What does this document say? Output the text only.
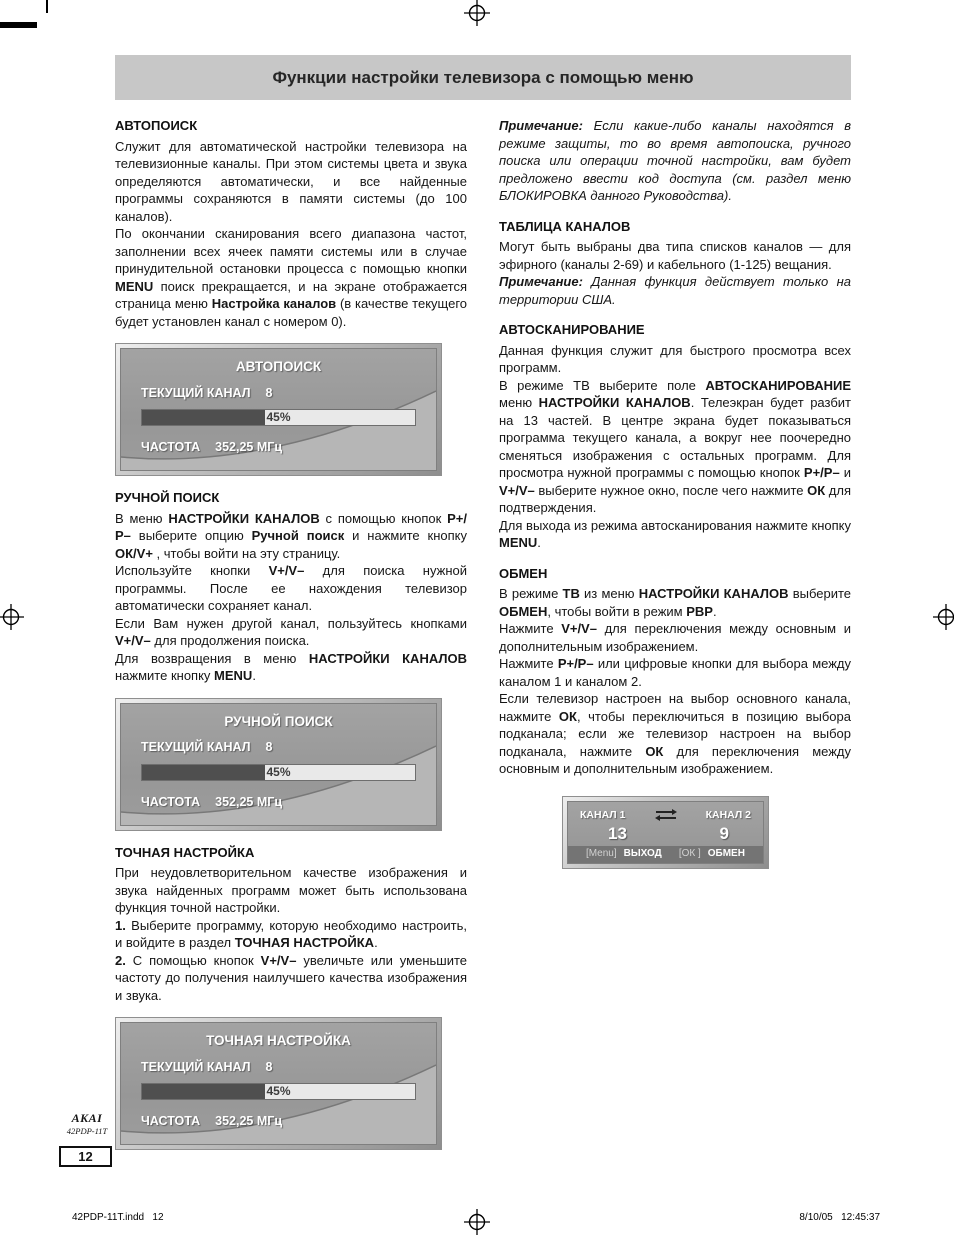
Функции настройки телевизора с помощью меню
АВТОПОИСК

Служит для автоматической настройки телевизора на телевизионные каналы. При этом системы цвета и звука определяются автоматически, и все найденные программы сохраняются в памяти системы (до 100 каналов).

По окончании сканирования всего диапазона частот, заполнении всех ячеек памяти системы или в случае принудительной остановки процесса с помощью кнопки MENU поиск прекращается, и на экране отображается страница меню Настройка каналов (в качестве текущего будет установлен канал с номером 0).

АВТОПОИСК
ТЕКУЩИЙ КАНАЛ 8
45%
ЧАСТОТА 352,25 МГц
РУЧНОЙ ПОИСК

В меню НАСТРОЙКИ КАНАЛОВ с помощью кнопок Р+/Р– выберите опцию Ручной поиск и нажмите кнопку ОК/V+ , чтобы войти на эту страницу.

Используйте кнопки V+/V– для поиска нужной программы. После ее нахождения телевизор автоматически сохраняет канал.

Если Вам нужен другой канал, пользуйтесь кнопками V+/V– для продолжения поиска.

Для возвращения в меню НАСТРОЙКИ КАНАЛОВ нажмите кнопку MENU.

РУЧНОЙ ПОИСК
ТЕКУЩИЙ КАНАЛ 8
45%
ЧАСТОТА 352,25 МГц
ТОЧНАЯ НАСТРОЙКА

При неудовлетворительном качестве изображения и звука найденных программ может быть использована функция точной настройки.

1. Выберите программу, которую необходимо настроить, и войдите в раздел ТОЧНАЯ НАСТРОЙКА.

2. С помощью кнопок V+/V– увеличьте или уменьшите частоту до получения наилучшего качества изображения и звука.

ТОЧНАЯ НАСТРОЙКА
ТЕКУЩИЙ КАНАЛ 8
45%
ЧАСТОТА 352,25 МГц

Примечание: Если какие-либо каналы находятся в режиме защиты, то во время автопоиска, ручного поиска или операции точной настройки, вам будет предложено ввести код доступа (см. раздел меню БЛОКИРОВКА данного Руководства).

ТАБЛИЦА КАНАЛОВ

Могут быть выбраны два типа списков каналов — для эфирного (каналы 2-69) и кабельного (1-125) вещания.

Примечание: Данная функция действует только на территории США.

АВТОСКАНИРОВАНИЕ

Данная функция служит для быстрого просмотра всех программ.

В режиме ТВ выберите поле АВТОСКАНИРОВАНИЕ меню НАСТРОЙКИ КАНАЛОВ. Телеэкран будет разбит на 13 частей. В центре экрана будет показываться программа текущего канала, а вокруг нее поочередно сменяться изображения с остальных программ. Для просмотра нужной программы с помощью кнопок Р+/Р– и V+/V– выберите нужное окно, после чего нажмите ОК для подтверждения.

Для выхода из режима автосканирования нажмите кнопку MENU.

ОБМЕН

В режиме ТВ из меню НАСТРОЙКИ КАНАЛОВ выберите ОБМЕН, чтобы войти в режим PBP.

Нажмите V+/V– для переключения между основным и дополнительным изображением.

Нажмите Р+/Р– или цифровые кнопки для выбора между каналом 1 и каналом 2.

Если телевизор настроен на выбор основного канала, нажмите ОК, чтобы переключиться в позицию выбора подканала; если же телевизор настроен на выбор подканала, нажмите ОК для переключения между основным и дополнительным изображением.

КАНАЛ 1	КАНАЛ 2
13	9
[Menu] ВЫХОД [ОК ] ОБМЕН
AKAI
42PDP-11T
12
42PDP-11T.indd   12	8/10/05   12:45:37
